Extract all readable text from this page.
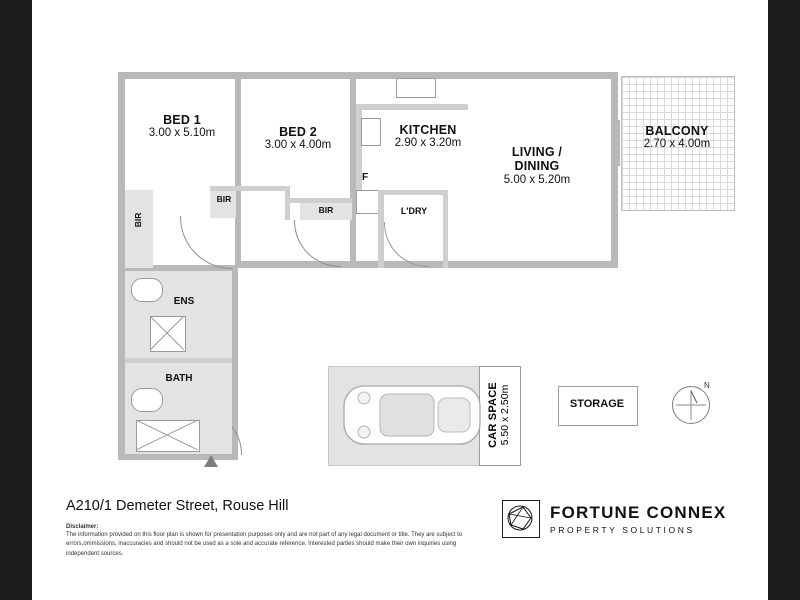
N
BED 1
3.00 x 5.10m	BED 2
3.00 x 4.00m
KITCHEN
2.90 x 3.20m
LIVING /
DINING
5.00 x 5.20m
BALCONY
2.70 x 4.00m
ENS
BATH
L'DRY
STORAGE
BIR
BIR
BIR
F
CAR SPACE 5.50 x 2.50m
A210/1 Demeter Street, Rouse Hill
Disclaimer:
The information provided on this floor plan is shown for presentation purposes only and are not part of any legal document or title. They are subject to errors,ommissions, inaccuracies and should not be used as a sole and accurate reference. Interested parties should make their own inquiries using independent sources.
FORTUNE CONNEX
PROPERTY SOLUTIONS
